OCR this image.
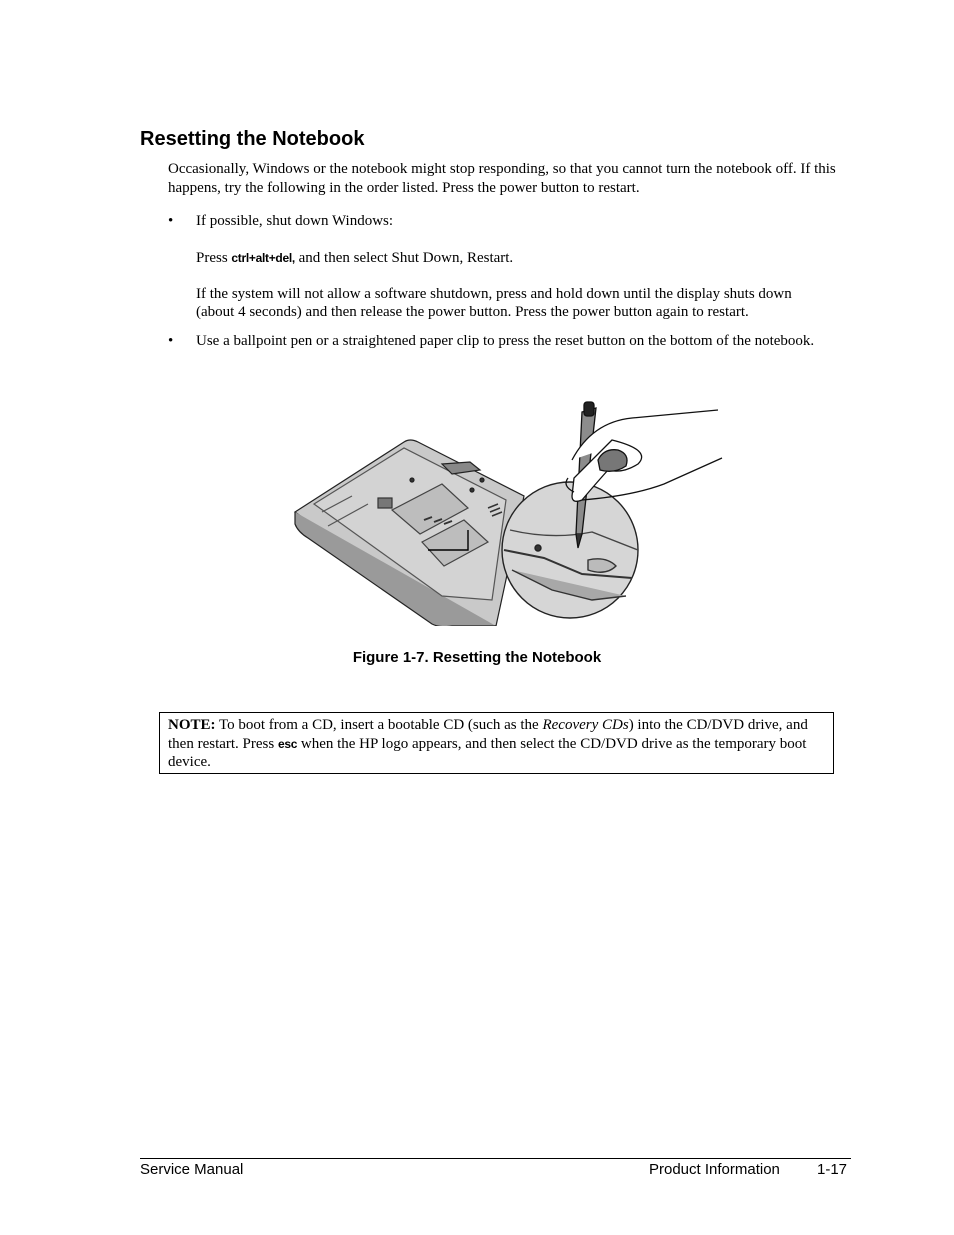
Resetting the Notebook

Occasionally, Windows or the notebook might stop responding, so that you cannot turn the notebook off. If this happens, try the following in the order listed. Press the power button to restart.

• If possible, shut down Windows:

Press ctrl+alt+del, and then select Shut Down, Restart.

If the system will not allow a software shutdown, press and hold down until the display shuts down

(about 4 seconds) and then release the power button. Press the power button again to restart.

• Use a ballpoint pen or a straightened paper clip to press the reset button on the bottom of the notebook.

Figure 1-7. Resetting the Notebook

NOTE: To boot from a CD, insert a bootable CD (such as the Recovery CDs) into the CD/DVD drive, and then restart. Press esc when the HP logo appears, and then select the CD/DVD drive as the temporary boot device.

Service Manual	Product Information 1-17
